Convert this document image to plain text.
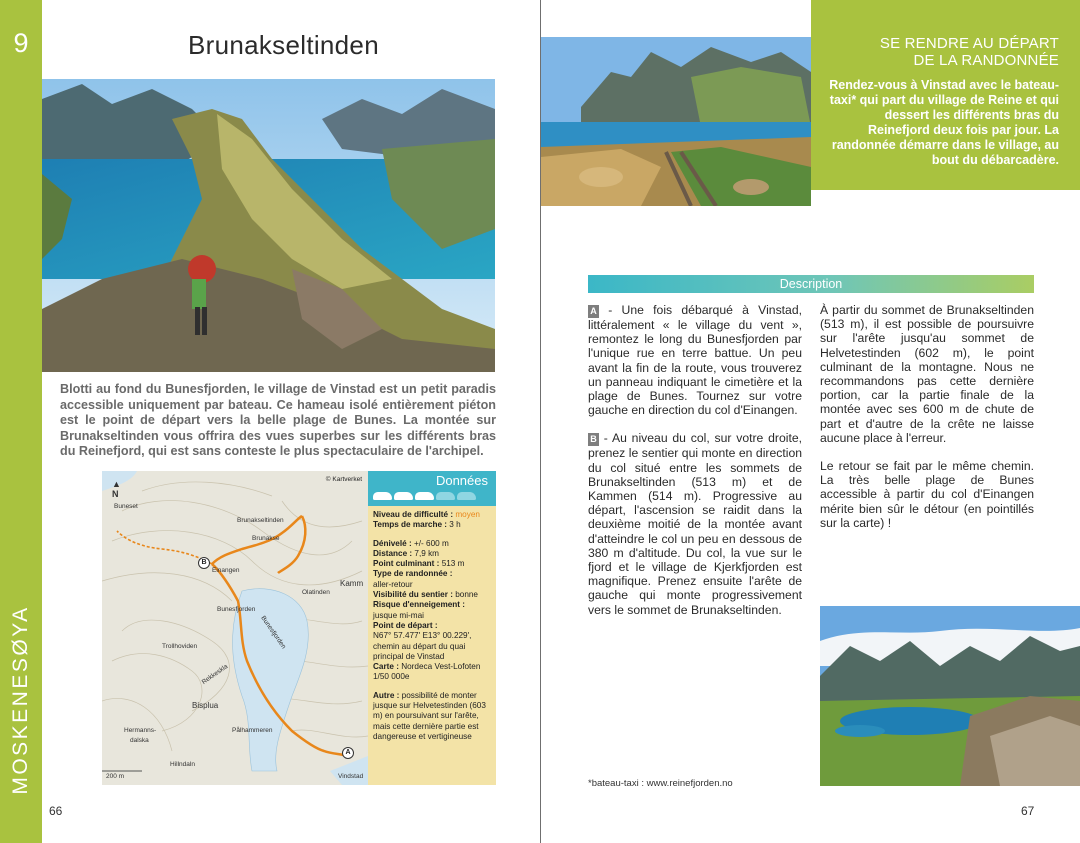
9
MOSKENESØYA
Brunakseltinden
Blotti au fond du Bunesfjorden, le village de Vinstad est un petit paradis accessible uniquement par bateau. Ce hameau isolé entièrement piéton est le point de départ vers la belle plage de Bunes. La montée sur Brunakseltinden vous offrira des vues superbes sur les différents bras du Reinefjord, qui est sans conteste le plus spectaculaire de l'archipel.
© Kartverket
▲
N
Buneset
Brunakseltinden
Brunakse
Einangen
Kamm
Olatinden
Bunesfjorden
Bunesfjorden
Trollhoviden
Rekkeskla
Bisplua
Hermanns-
dalska
Pålhammeren
Hillndaln
Vindstad
B
A
200 m
Données
Niveau de difficulté : moyen
Temps de marche : 3 h
Dénivelé : +/- 600 m
Distance : 7,9 km
Point culminant : 513 m
Type de randonnée :
aller-retour
Visibilité du sentier : bonne
Risque d'enneigement :
jusque mi-mai
Point de départ :
N67° 57.477' E13° 00.229', chemin au départ du quai principal de Vinstad
Carte : Nordeca Vest-Lofoten 1/50 000e
Autre : possibilité de monter jusque sur Helvetestinden (603 m) en poursuivant sur l'arête, mais cette dernière partie est dangereuse et vertigineuse
66
SE RENDRE AU DÉPART
DE LA RANDONNÉE
Rendez-vous à Vinstad avec le bateau-taxi* qui part du village de Reine et qui dessert les différents bras du Reinefjord deux fois par jour. La randonnée démarre dans le village, au bout du débarcadère.
Description

A - Une fois débarqué à Vinstad, littéralement « le village du vent », remontez le long du Bunesfjorden par l'unique rue en terre battue. Un peu avant la fin de la route, vous trouverez un panneau indiquant le cimetière et la plage de Bunes. Tournez sur votre gauche en direction du col d'Einangen.

B - Au niveau du col, sur votre droite, prenez le sentier qui monte en direction du col situé entre les sommets de Brunakseltinden (513 m) et de Kammen (514 m). Progressive au départ, l'ascension se raidit dans la deuxième moitié de la montée avant d'atteindre le col un peu en dessous de 380 m d'altitude. Du col, la vue sur le fjord et le village de Kjerkfjorden est magnifique. Prenez ensuite l'arête de gauche qui monte progressivement vers le sommet de Brunakseltinden.

À partir du sommet de Brunakseltinden (513 m), il est possible de poursuivre sur l'arête jusqu'au sommet de Helvetestinden (602 m), le point culminant de la montagne. Nous ne recommandons pas cette dernière portion, car la partie finale de la montée avec ses 600 m de chute de part et d'autre de la crête ne laisse aucune place à l'erreur.

Le retour se fait par le même chemin. La très belle plage de Bunes accessible à partir du col d'Einangen mérite bien sûr le détour (en pointillés sur la carte) !

*bateau-taxi : www.reinefjorden.no
67
